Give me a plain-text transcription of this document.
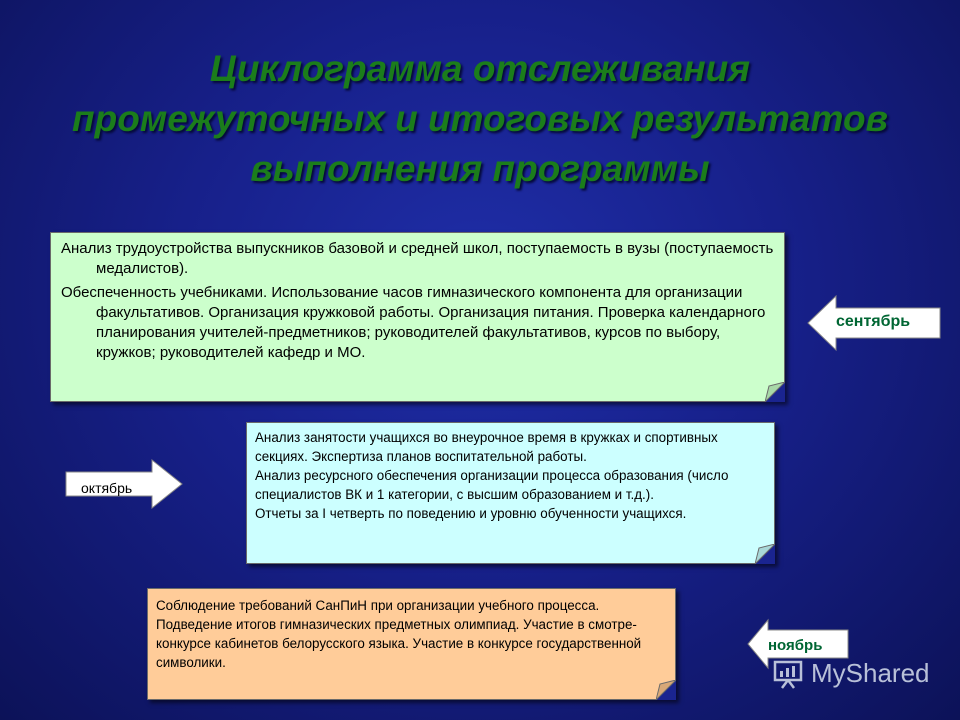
Циклограмма отслеживания
промежуточных и итоговых результатов
выполнения программы

Анализ трудоустройства выпускников базовой и средней школ, поступаемость в вузы (поступаемость медалистов).

Обеспеченность учебниками. Использование часов гимназического компонента для организации факультативов. Организация кружковой работы. Организация питания. Проверка календарного планирования учителей-предметников; руководителей факультативов, курсов по выбору, кружков; руководителей кафедр и МО.

сентябрь

Анализ занятости учащихся во внеурочное время в кружках и спортивных секциях. Экспертиза планов воспитательной работы.

Анализ ресурсного обеспечения организации процесса образования (число специалистов ВК и 1 категории, с высшим образованием и т.д.).

Отчеты за I четверть по поведению и уровню обученности учащихся.

октябрь

Соблюдение требований СанПиН при организации учебного процесса.

Подведение итогов гимназических предметных олимпиад. Участие в смотре- конкурсе кабинетов белорусского языка. Участие в конкурсе государственной символики.

ноябрь
MyShared
